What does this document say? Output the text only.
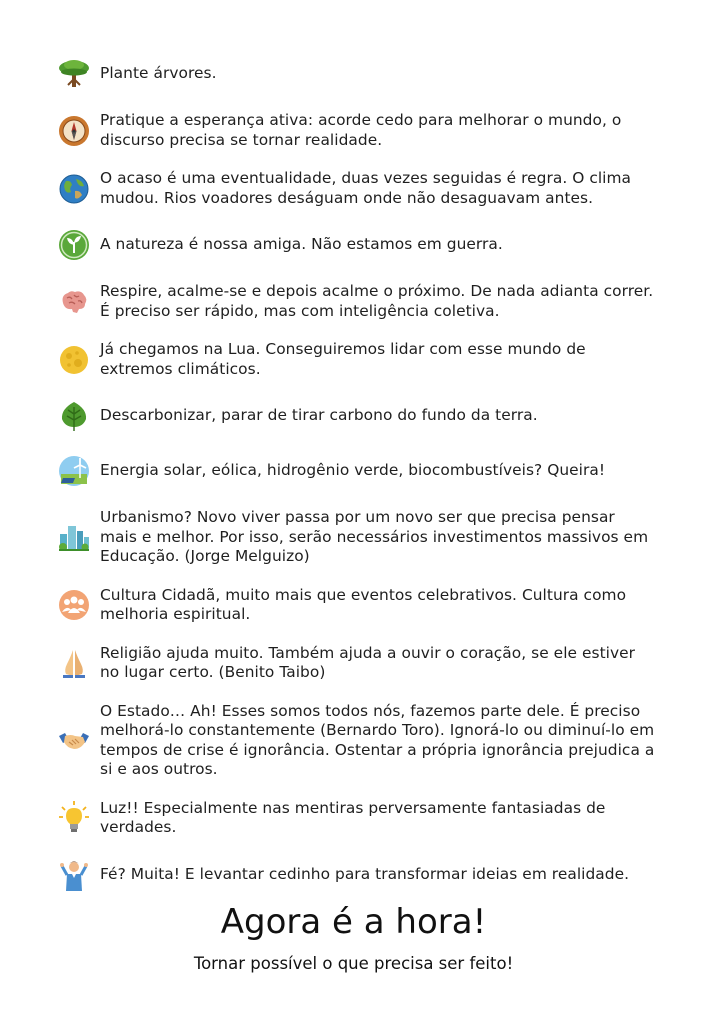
Plante árvores.
Pratique a esperança ativa: acorde cedo para melhorar o mundo, o discurso precisa se tornar realidade.
O acaso é uma eventualidade, duas vezes seguidas é regra. O clima mudou. Rios voadores deságuam onde não desaguavam antes.
A natureza é nossa amiga. Não estamos em guerra.
Respire, acalme-se e depois acalme o próximo. De nada adianta correr. É preciso ser rápido, mas com inteligência coletiva.
Já chegamos na Lua. Conseguiremos lidar com esse mundo de extremos climáticos.
Descarbonizar, parar de tirar carbono do fundo da terra.
Energia solar, eólica, hidrogênio verde, biocombustíveis? Queira!
Urbanismo? Novo viver passa por um novo ser que precisa pensar mais e melhor. Por isso, serão necessários investimentos massivos em Educação. (Jorge Melguizo)
Cultura Cidadã, muito mais que eventos celebrativos. Cultura como melhoria espiritual.
Religião ajuda muito. Também ajuda a ouvir o coração, se ele estiver no lugar certo. (Benito Taibo)
O Estado… Ah! Esses somos todos nós, fazemos parte dele. É preciso melhorá-lo constantemente (Bernardo Toro). Ignorá-lo ou diminuí-lo em tempos de crise é ignorância. Ostentar a própria ignorância prejudica a si e aos outros.
Luz!! Especialmente nas mentiras perversamente fantasiadas de verdades.
Fé? Muita! E levantar cedinho para transformar ideias em realidade.
Agora é a hora!
Tornar possível o que precisa ser feito!
